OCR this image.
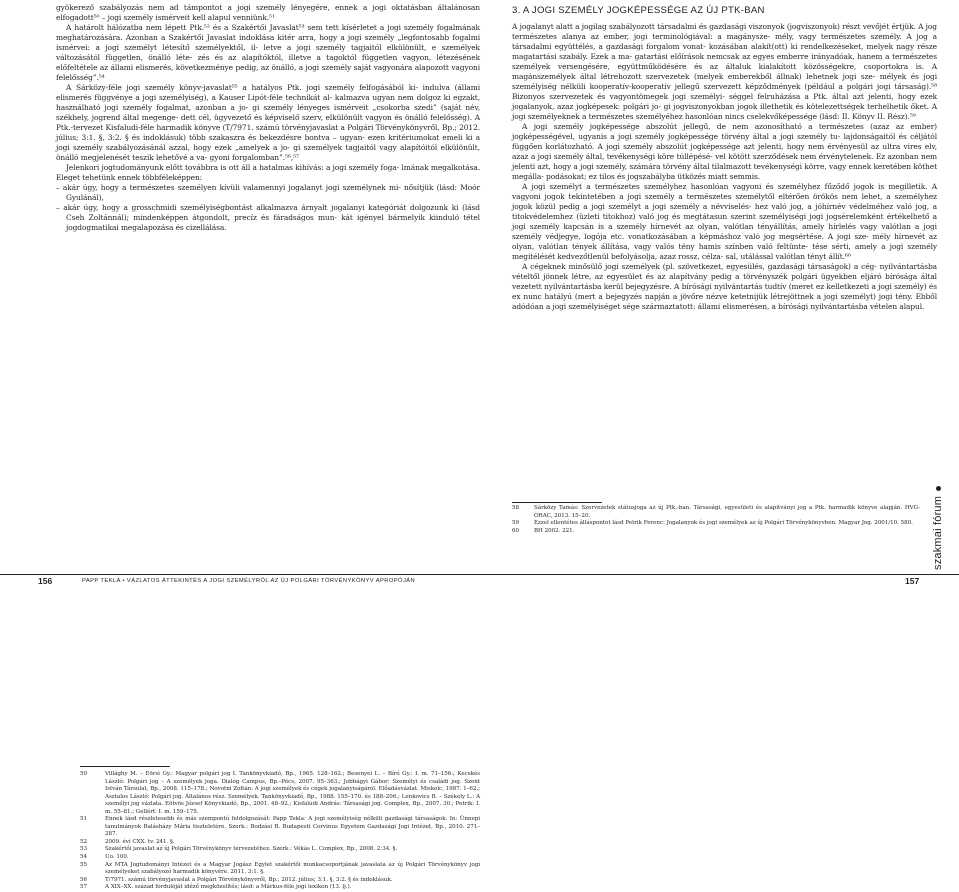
gyökerező szabályozás nem ad támpontot a jogi személy lényegére, ennek a jogi oktatásban általánosan elfogadott⁵⁰ – jogi személy ismérveit kell alapul venniünk.⁵¹

A határolt hálózatba nem lépett Ptk.⁵² és a Szakértői Javaslat⁵³ sem tett kísérletet a jogi személy fogalmának meghatározására. Azonban a Szakértői Javaslat indoklása kitér arra, hogy a jogi személy „legfontosabb fogalmi ismérvei: a jogi személyt létesítő személyektől, il- letve a jogi személy tagjaitól elkülönült, e személyek változásától független, önálló léte- zés és az alapítóktól, illetve a tagoktól független vagyon, létezésének előfeltétele az állami elismerés, következménye pedig, az önálló, a jogi személy saját vagyonára alapozott vagyoni felelősség”.⁵⁴

A Sárközy-féle jogi személy könyv-javaslat⁵⁵ a hatályos Ptk. jogi személy felfogásából ki- indulva (állami elismerés függvénye a jogi személyiség), a Kauser Lipót-féle technikát al- kalmazva ugyan nem dolgoz ki egzakt, használható jogi személy fogalmat, azonban a jo- gi személy lényeges ismérveit „csokorba szedi” (saját név, székhely, jogrend által megenge- dett cél, ügyvezető és képviselő szerv, elkülönült vagyon és önálló felelősség). A Ptk.-tervezet Kisfaludi-féle harmadik könyve (T/7971. számú törvényjavaslat a Polgári Törvénykönyvről, Bp.; 2012. július; 3:1. §, 3:2. § és indoklásuk) több szakaszra és bekezdésre bontva – ugyan- ezen kritériumokat emeli ki a jogi személy szabályozásánál azzal, hogy ezek „amelyek a jo- gi személyek tagjaitól vagy alapítóitól elkülönült, önálló megjelenését teszik lehetővé a va- gyoni forgalomban”.⁵⁶‚⁵⁷

Jelenkori jogtudományunk előtt továbbra is ott áll a hatalmas kihívás: a jogi személy foga- lmának megalkotása. Eleget tehetünk ennek többféleképpen:

– akár úgy, hogy a természetes személyen kívüli valamennyi jogalanyt jogi személynek mi- nősítjük (lásd: Moór Gyulánál),

– akár úgy, hogy a grosschmidi személyiségbontást alkalmazva árnyalt jogalanyi kategóriát dolgozunk ki (lásd Cseh Zoltánnál); mindenképpen átgondolt, precíz és fáradságos mun- kát igényel bármelyik kiinduló tétel jogdogmatikai megalapozása és cizellálása.

50	Villághy M. – Eörsi Gy.: Magyar polgári jog I. Tankönyvkiadó, Bp., 1965. 128–162.; Besenyei L. – Bíró Gy.: I. m. 71–156.; Kecskés László: Polgári jog – A személyek joga. Dialóg Campus, Bp.–Pécs, 2007. 95–363.; Jobbágyi Gábor: Személyi és családi jog. Szent István Társulat, Bp., 2008. 115–178.; Novotni Zoltán: A jogi személyek és cégek jogalanyiságáról. Előadásvázlat. Miskolc, 1987. 1–62.; Asztalos László: Polgári jog. Általános rész. Személyek. Tankönyvkiadó, Bp., 1988. 155–170. és 188–206.; Lenkovics B. – Székely L.: A személyi jog vázlata. Eötvös József Könyvkiadó, Bp., 2001. 48–92.; Kisfaludi András: Társasági jog. Complex, Bp., 2007. 30.; Petrik: I. m. 55–81.; Gellért: I. m. 159–175.
51	Ennek lásd részletesebb és más szempontú feldolgozását: Papp Tekla: A jogi személyiség nélküli gazdasági társaságok. In: Ünnepi tanulmányok Balásházy Mária tiszteletére. Szerk.: Bodzási B. Budapesti Corvinus Egyetem Gazdasági Jogi Intézet, Bp., 2010. 271–287.
52	2009. évi CXX. tv. 241. §.
53	Szakértői javaslat az új Polgári Törvénykönyv tervezetéhez. Szerk.: Vékás L. Complex, Bp., 2008. 2:34. §.
54	Uo. 100.
55	Az MTA Jogtudományi Intézet és a Magyar Jogász Egylet szakértői munkacsoportjának javaslata az új Polgári Törvénykönyv jogi személyeket szabályozó harmadik könyvére. 2011. 3:1. §.
56	T/7971. számú törvényjavaslat a Polgári Törvénykönyvről, Bp.; 2012. július; 3:1. §, 3:2. § és indoklásuk.
57	A XIX–XX. század fordulóját idéző megközelítés; lásd: a Márkus-féle jogi lexikon (13. lj.).
3. A JOGI SZEMÉLY JOGKÉPESSÉGE AZ ÚJ PTK-BAN

A jogalanyt alatt a jogilag szabályozott társadalmi és gazdasági viszonyok (jogviszonyok) részt vevőjét értjük. A jog természetes alanya az ember, jogi terminológiával: a magánysze- mély, vagy természetes személy. A jog a társadalmi együttélés, a gazdasági forgalom vonat- kozásában alakít(ott) ki rendelkezéseket, melyek nagy része magatartási szabály. Ezek a ma- gatartási előírások nemcsak az egyes emberre irányadóak, hanem a természetes személyek versengésére, együttműködésére és az általuk kialakított közösségekre, csoportokra is. A magánszemélyek által létrehozott szervezetek (melyek emberekből állnak) lehetnek jogi sze- mélyek és jogi személyiség nélküli kooperatív-kooperatív jellegű szervezett képződmények (például a polgári jogi társaság).⁵⁸ Bizonyos szervezetek és vagyontömegek jogi személyi- séggel felruházása a Ptk. által azt jelenti, hogy ezek jogalanyok, azaz jogképesek: polgári jo- gi jogviszonyokban jogok illethetik és kötelezettségek terhelhetik őket. A jogi személyeknek a természetes személyéhez hasonlóan nincs cselekvőképessége (lásd: II. Könyv II. Rész).⁵⁹

A jogi személy jogképessége abszolút jellegű, de nem azonosítható a természetes (azaz az ember) jogképességével, ugyanis a jogi személy jogképessége törvény által a jogi személy tu- lajdonságaitól és céljától függően korlátozható. A jogi személy abszolút jogképessége azt jelenti, hogy nem érvényesül az ultra vires elv, azaz a jogi személy által, tevékenységi köre túllépésé- vel kötött szerződések nem érvénytelenek. Ez azonban nem jelenti azt, hogy a jogi személy, számára törvény által tilalmazott tevékenységi körre, vagy ennek keretében köthet megálla- podásokat; ez tilos és jogszabályba ütközés miatt semmis.

A jogi személyt a természetes személyhez hasonlóan vagyoni és személyhez fűződő jogok is megilletik. A vagyoni jogok tekintetében a jogi személy a természetes személytől eltérően örökös nem lehet, a személyhez jogok közül pedig a jogi személyt a jogi személy a névviselés- hez való jog, a jóhírnév védelméhez való jog, a titokvédelemhez (üzleti titokhoz) való jog és megtátasun szerint személyiségi jogi jogsérelemként értékelhető a jogi személy kapcsán is a személy hírnevét az olyan, valótlan tényállítás, amely hírlelés vagy valótlan a jogi személy védjegye, logója etc. vonatkozásában a képmáshoz való jog megsértése. A jogi sze- mély hírnevét az olyan, valótlan tények állítása, vagy valós tény hamis színben való feltünte- tése sérti, amely a jogi személy megítélését kedvezőtlenül befolyásolja, azaz rossz, célza- sal, utálással valótlan tényt állít.⁶⁰

A cégeknek minősülő jogi személyek (pl. szövetkezet, egyesülés, gazdasági társaságok) a cég- nyilvántartásba vételtől jönnek létre, az egyesület és az alapítvány pedig a törvényszék polgári ügyekben eljáró bírósága által vezetett nyilvántartásba kerül bejegyzésre. A bírósági nyilvántartás tudtív (meret ez kelletkezeti a jogi személy) és ex nunc hatályú (mert a bejegyzés napján a jövőre nézve ketetnijük létrejöttnek a jogi személyt) jogi tény. Ebből adódóan a jogi személyiséget sége származtatott: állami elismerésen, a bírósági nyilvántartásba vételen alapul.

58	Sárközy Tamás: Szervezetek státusjoga az új Ptk.-ban. Társasági, egyesületi és alapítványi jog a Ptk. harmadik könyve alapján. HVG-ORAC, 2013. 15–20.
59	Ezzel ellentétes álláspontot lásd Petrik Ferenc: Jogalanyok és jogi személyek az új Polgári Törvénykönyvben. Magyar Jog. 2001/10. 580.
60	BH 2002. 221.	szakmai fórum
156	PAPP TEKLA • VÁZLATOS ÁTTEKINTÉS A JOGI SZEMÉLYRŐL AZ ÚJ POLGÁRI TÖRVÉNYKÖNYV APROPÓJÁN	157
